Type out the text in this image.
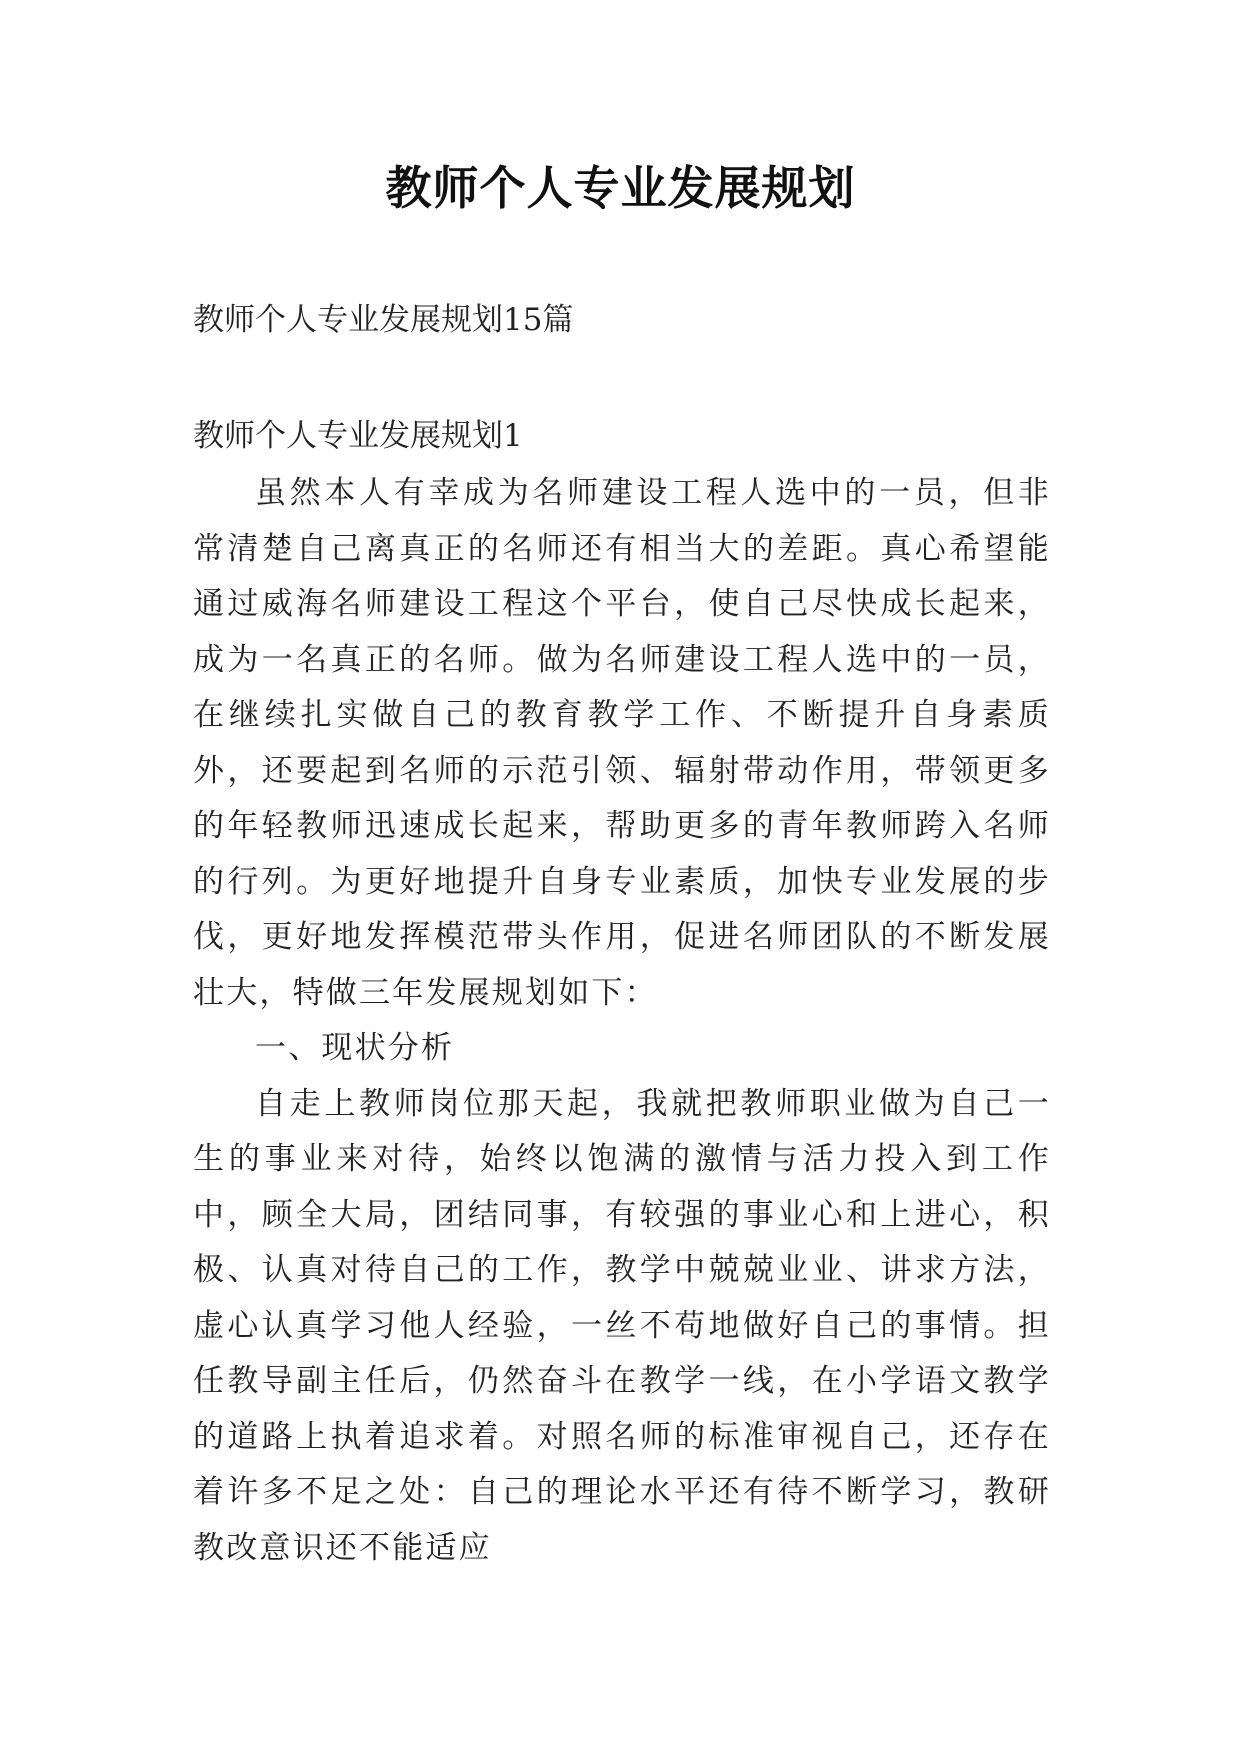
教师个人专业发展规划
教师个人专业发展规划15篇
教师个人专业发展规划1

虽然本人有幸成为名师建设工程人选中的一员，但非常清楚自己离真正的名师还有相当大的差距。真心希望能通过威海名师建设工程这个平台，使自己尽快成长起来，成为一名真正的名师。做为名师建设工程人选中的一员，在继续扎实做自己的教育教学工作、不断提升自身素质外，还要起到名师的示范引领、辐射带动作用，带领更多的年轻教师迅速成长起来，帮助更多的青年教师跨入名师的行列。为更好地提升自身专业素质，加快专业发展的步伐，更好地发挥模范带头作用，促进名师团队的不断发展壮大，特做三年发展规划如下：

一、现状分析

自走上教师岗位那天起，我就把教师职业做为自己一生的事业来对待，始终以饱满的激情与活力投入到工作中，顾全大局，团结同事，有较强的事业心和上进心，积极、认真对待自己的工作，教学中兢兢业业、讲求方法，虚心认真学习他人经验，一丝不苟地做好自己的事情。担任教导副主任后，仍然奋斗在教学一线，在小学语文教学的道路上执着追求着。对照名师的标准审视自己，还存在着许多不足之处：自己的理论水平还有待不断学习，教研教改意识还不能适应
